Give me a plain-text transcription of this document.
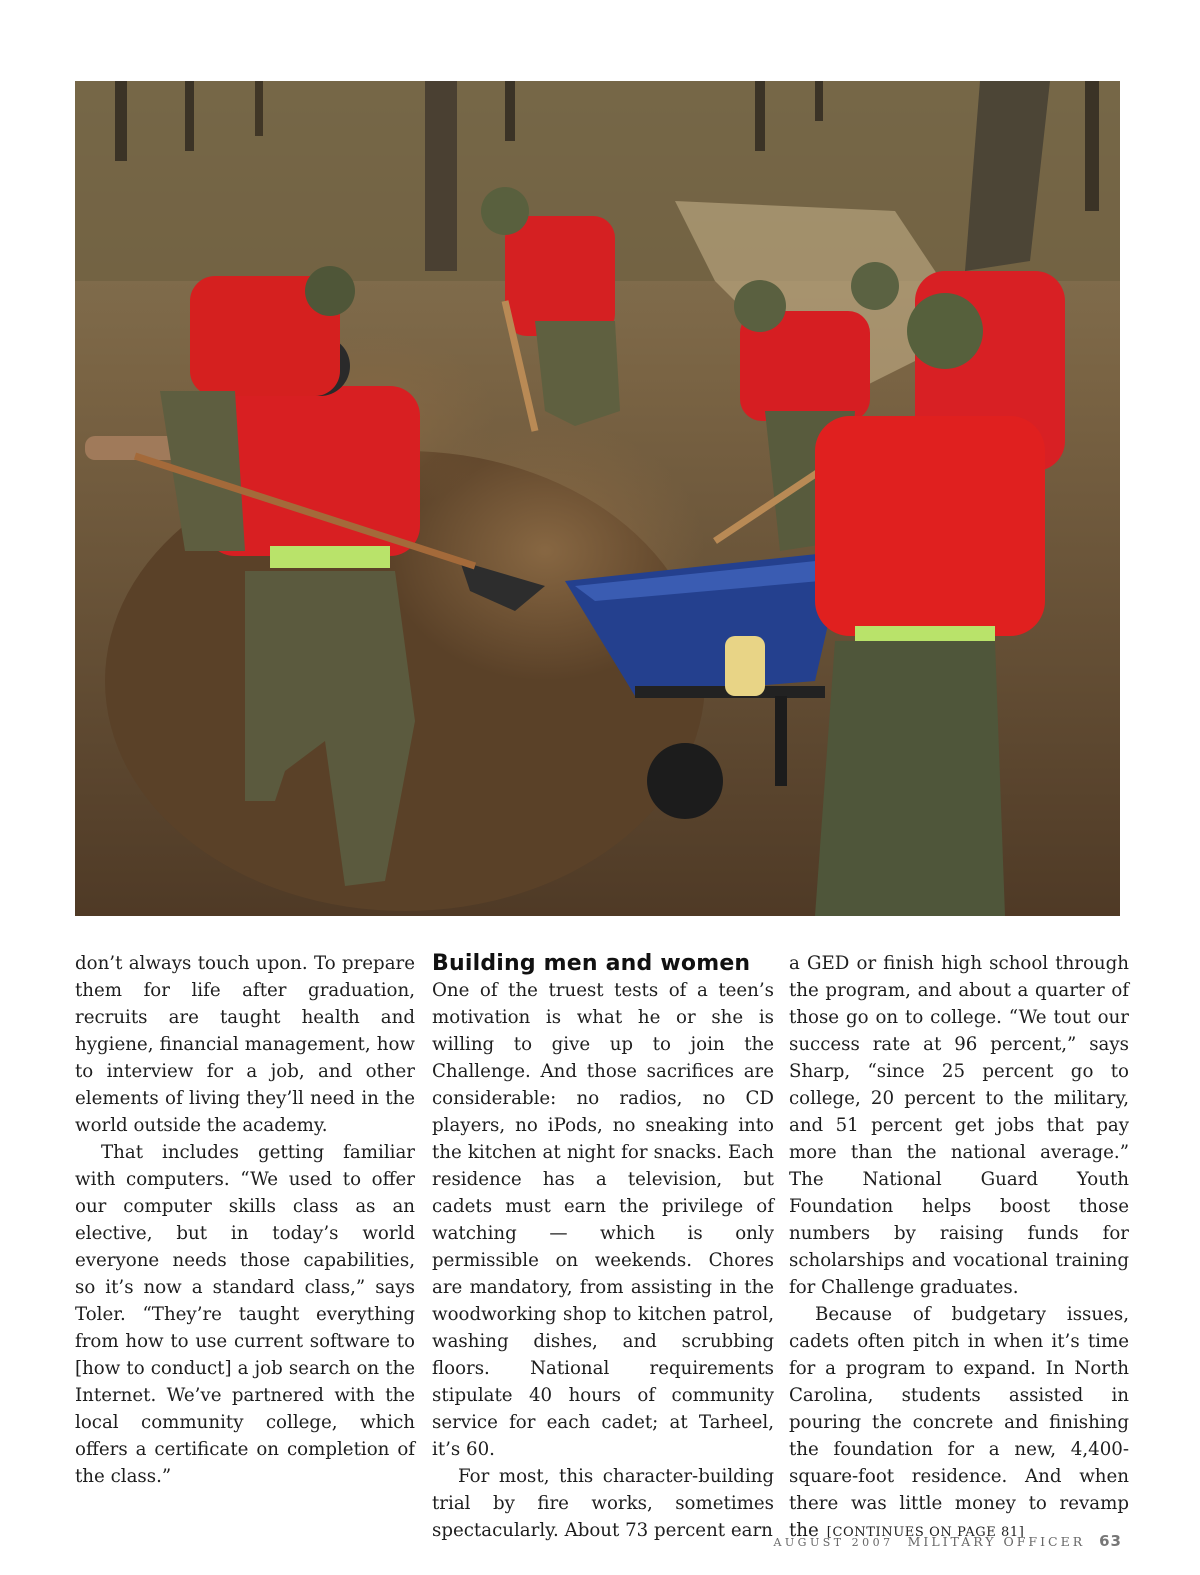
don’t always touch upon. To prepare them for life after graduation, recruits are taught health and hygiene, financial management, how to interview for a job, and other elements of living they’ll need in the world outside the academy.

That includes getting familiar with computers. “We used to offer our computer skills class as an elective, but in today’s world everyone needs those capabilities, so it’s now a standard class,” says Toler. “They’re taught everything from how to use current software to [how to conduct] a job search on the Internet. We’ve partnered with the local community college, which offers a certificate on completion of the class.”

Building men and women

One of the truest tests of a teen’s motivation is what he or she is willing to give up to join the Challenge. And those sacrifices are considerable: no radios, no CD players, no iPods, no sneaking into the kitchen at night for snacks. Each residence has a television, but cadets must earn the privilege of watching — which is only permissible on weekends. Chores are mandatory, from assisting in the woodworking shop to kitchen patrol, washing dishes, and scrubbing floors. National requirements stipulate 40 hours of community service for each cadet; at Tarheel, it’s 60.

For most, this character-building trial by fire works, sometimes spectacularly. About 73 percent earn

a GED or finish high school through the program, and about a quarter of those go on to college. “We tout our success rate at 96 percent,” says Sharp, “since 25 percent go to college, 20 percent to the military, and 51 percent get jobs that pay more than the national average.” The National Guard Youth Foundation helps boost those numbers by raising funds for scholarships and vocational training for Challenge graduates.

Because of budgetary issues, cadets often pitch in when it’s time for a program to expand. In North Carolina, students assisted in pouring the concrete and finishing the foundation for a new, 4,400-square-foot residence. And when there was little money to revamp the [CONTINUES ON PAGE 81]

AUGUST 2007 MILITARY OFFICER 63
